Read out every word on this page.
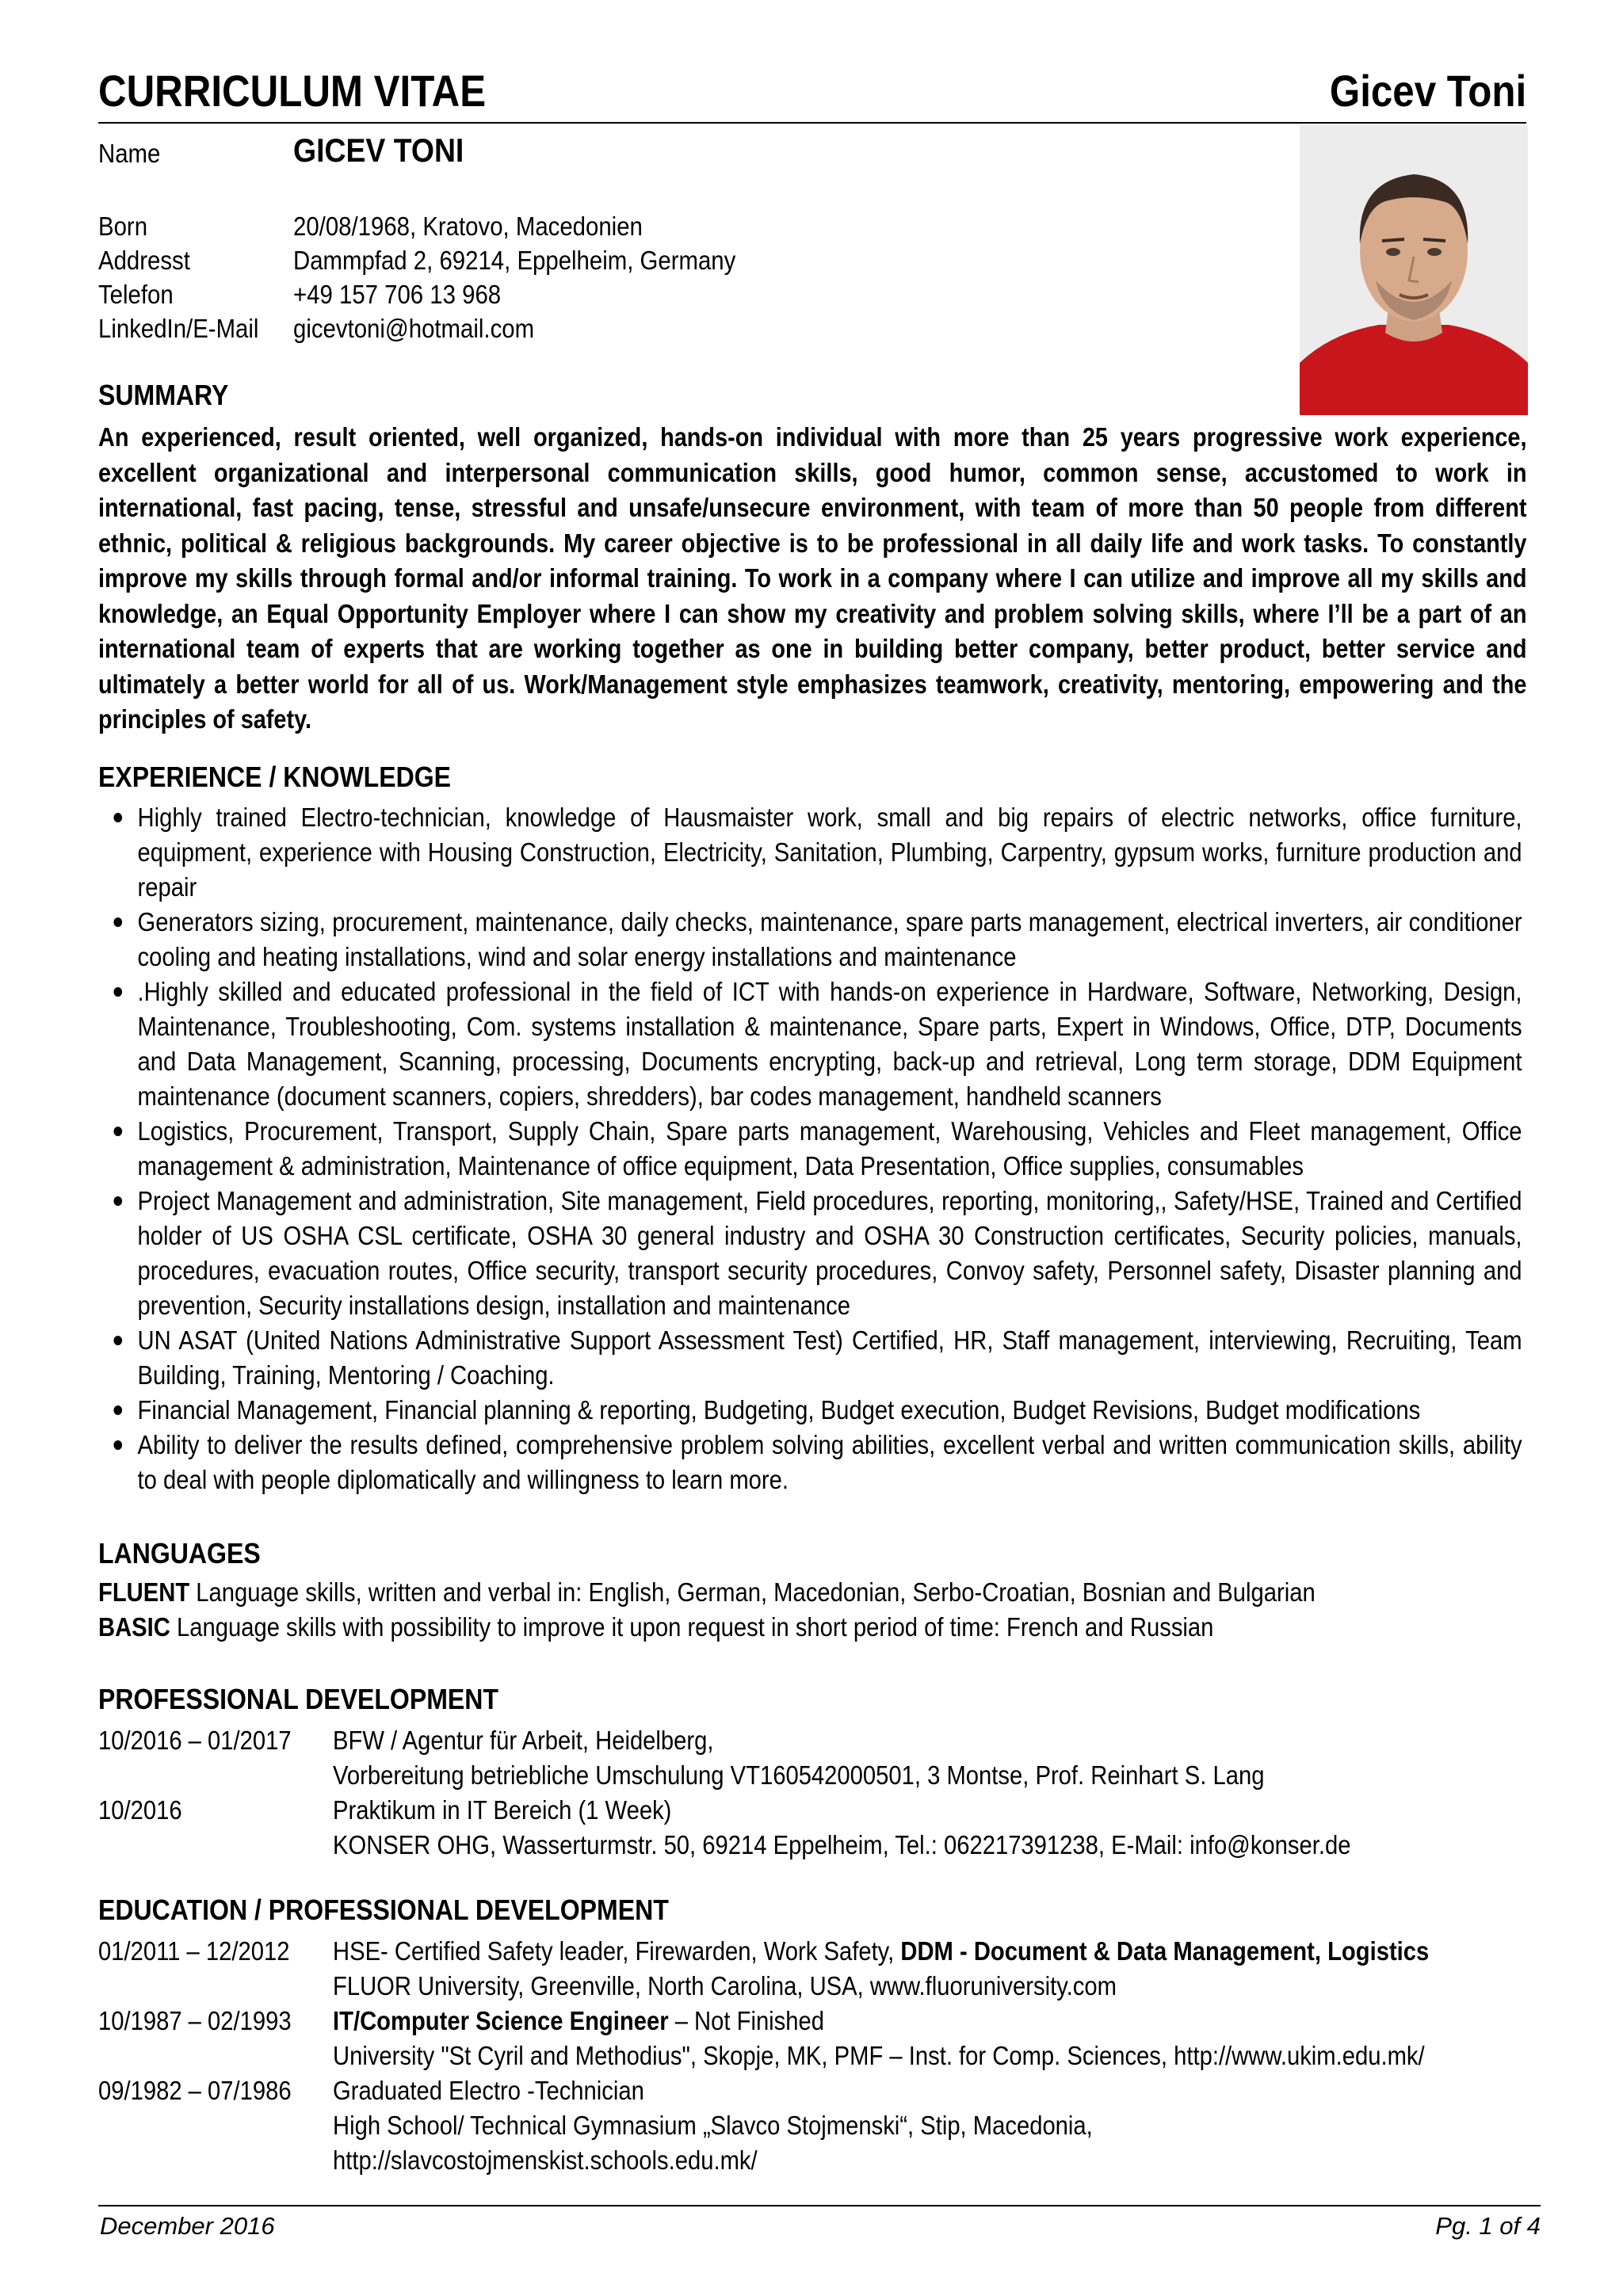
CURRICULUM VITAE	Gicev Toni
Name	GICEV TONI
Born	20/08/1968, Kratovo, Macedonien
Addresst	Dammpfad 2, 69214, Eppelheim, Germany
Telefon	+49 157 706 13 968
LinkedIn/E-Mail gicevtoni@hotmail.com
SUMMARY
An experienced, result oriented, well organized, hands-on individual with more than 25 years progressive work experience, excellent organizational and interpersonal communication skills, good humor, common sense, accustomed to work in international, fast pacing, tense, stressful and unsafe/unsecure environment, with team of more than 50 people from different ethnic, political & religious backgrounds. My career objective is to be professional in all daily life and work tasks. To constantly improve my skills through formal and/or informal training. To work in a company where I can utilize and improve all my skills and knowledge, an Equal Opportunity Employer where I can show my creativity and problem solving skills, where I’ll be a part of an international team of experts that are working together as one in building better company, better product, better service and ultimately a better world for all of us. Work/Management style emphasizes teamwork, creativity, mentoring, empowering and the principles of safety.
EXPERIENCE / KNOWLEDGE
Highly trained Electro-technician, knowledge of Hausmaister work, small and big repairs of electric networks, office furniture, equipment, experience with Housing Construction, Electricity, Sanitation, Plumbing, Carpentry, gypsum works, furniture production and repair
Generators sizing, procurement, maintenance, daily checks, maintenance, spare parts management, electrical inverters, air conditioner cooling and heating installations, wind and solar energy installations and maintenance
.Highly skilled and educated professional in the field of ICT with hands-on experience in Hardware, Software, Networking, Design, Maintenance, Troubleshooting, Com. systems installation & maintenance, Spare parts, Expert in Windows, Office, DTP, Documents and Data Management, Scanning, processing, Documents encrypting, back-up and retrieval, Long term storage, DDM Equipment maintenance (document scanners, copiers, shredders), bar codes management, handheld scanners
Logistics, Procurement, Transport, Supply Chain, Spare parts management, Warehousing, Vehicles and Fleet management, Office management & administration, Maintenance of office equipment, Data Presentation, Office supplies, consumables
Project Management and administration, Site management, Field procedures, reporting, monitoring,, Safety/HSE, Trained and Certified holder of US OSHA CSL certificate, OSHA 30 general industry and OSHA 30 Construction certificates, Security policies, manuals, procedures, evacuation routes, Office security, transport security procedures, Convoy safety, Personnel safety, Disaster planning and prevention, Security installations design, installation and maintenance
UN ASAT (United Nations Administrative Support Assessment Test) Certified, HR, Staff management, interviewing, Recruiting, Team Building, Training, Mentoring / Coaching.
Financial Management, Financial planning & reporting, Budgeting, Budget execution, Budget Revisions, Budget modifications
Ability to deliver the results defined, comprehensive problem solving abilities, excellent verbal and written communication skills, ability to deal with people diplomatically and willingness to learn more.
LANGUAGES
FLUENT Language skills, written and verbal in: English, German, Macedonian, Serbo-Croatian, Bosnian and Bulgarian
BASIC Language skills with possibility to improve it upon request in short period of time: French and Russian
PROFESSIONAL DEVELOPMENT
10/2016 – 01/2017 BFW / Agentur für Arbeit, Heidelberg,
Vorbereitung betriebliche Umschulung VT160542000501, 3 Montse, Prof. Reinhart S. Lang
10/2016	Praktikum in IT Bereich (1 Week)
KONSER OHG, Wasserturmstr. 50, 69214 Eppelheim, Tel.: 062217391238, E-Mail: info@konser.de
EDUCATION / PROFESSIONAL DEVELOPMENT
01/2011 – 12/2012 HSE- Certified Safety leader, Firewarden, Work Safety, DDM - Document & Data Management, Logistics
FLUOR University, Greenville, North Carolina, USA, www.fluoruniversity.com
10/1987 – 02/1993 IT/Computer Science Engineer – Not Finished
University "St Cyril and Methodius", Skopje, MK, PMF – Inst. for Comp. Sciences, http://www.ukim.edu.mk/
09/1982 – 07/1986 Graduated Electro -Technician
High School/ Technical Gymnasium „Slavco Stojmenski“, Stip, Macedonia,
http://slavcostojmenskist.schools.edu.mk/
December 2016	Pg. 1 of 4
